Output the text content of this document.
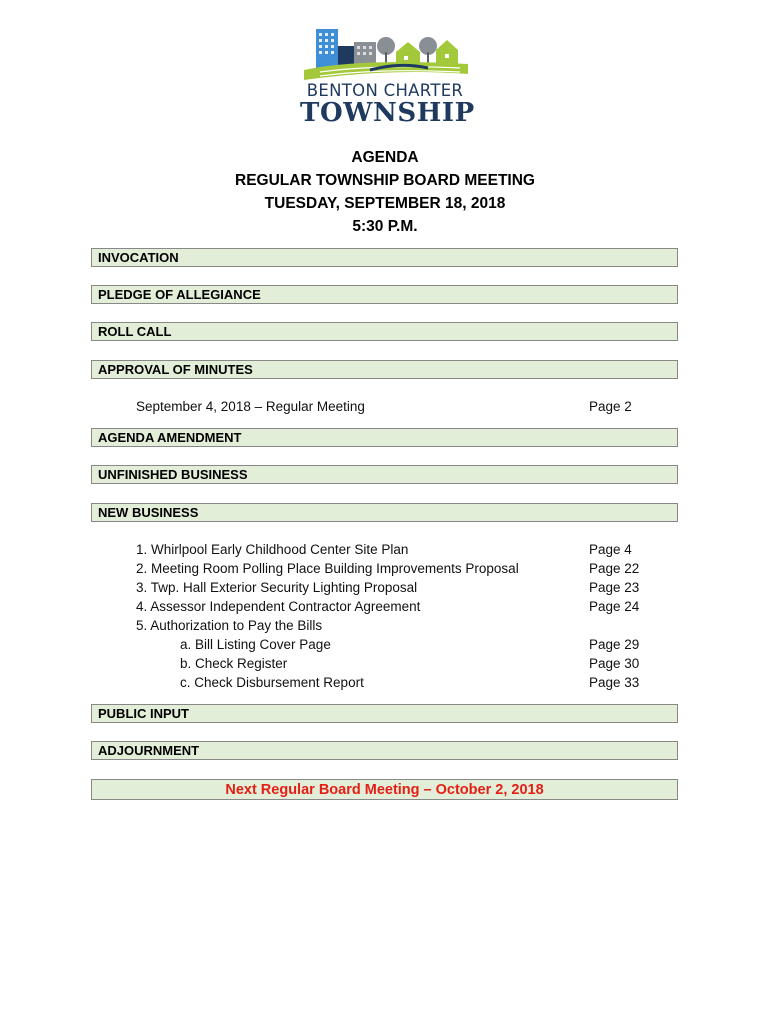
BENTON CHARTER
TOWNSHIP
AGENDA
REGULAR TOWNSHIP BOARD MEETING
TUESDAY, SEPTEMBER 18, 2018
5:30 P.M.
INVOCATION
PLEDGE OF ALLEGIANCE
ROLL CALL
APPROVAL OF MINUTES
September 4, 2018 – Regular Meeting	Page 2
AGENDA AMENDMENT
UNFINISHED BUSINESS
NEW BUSINESS
1. Whirlpool Early Childhood Center Site Plan	Page 4
2. Meeting Room Polling Place Building Improvements Proposal	Page 22
3. Twp. Hall Exterior Security Lighting Proposal	Page 23
4. Assessor Independent Contractor Agreement	Page 24
5. Authorization to Pay the Bills
a. Bill Listing Cover Page	Page 29
b. Check Register	Page 30
c. Check Disbursement Report	Page 33
PUBLIC INPUT
ADJOURNMENT
Next Regular Board Meeting – October 2, 2018
